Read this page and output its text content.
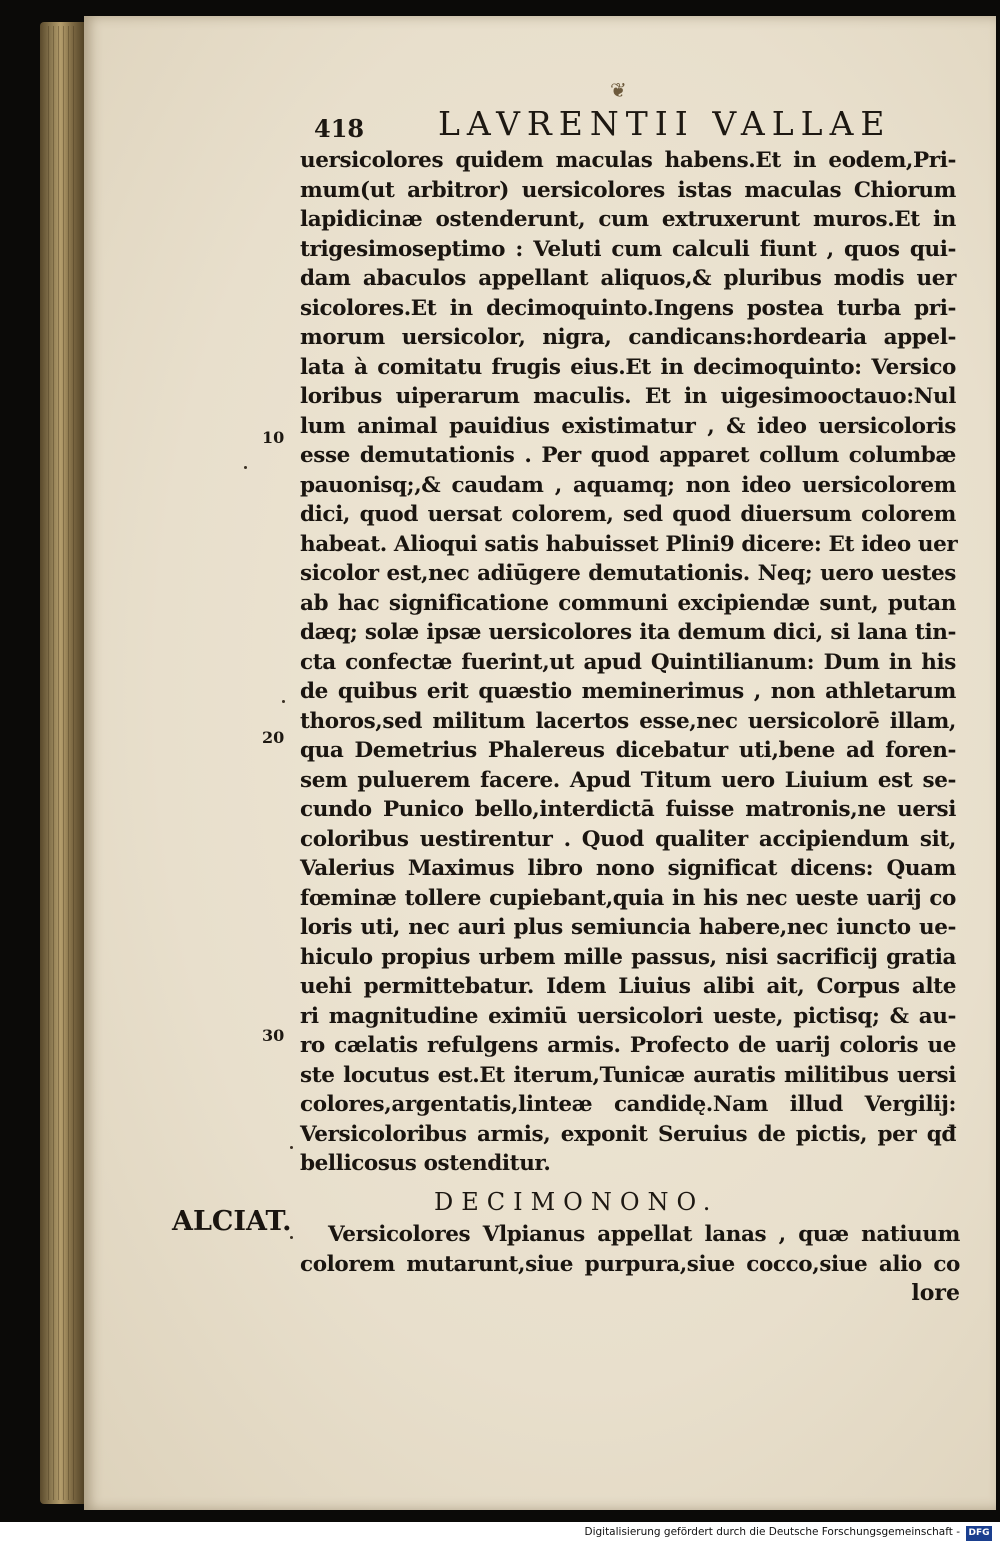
❦
418 LAVRENTII VALLAE
uersicolores quidem maculas habens.Et in eodem,Pri-
mum(ut arbitror) uersicolores istas maculas Chiorum
lapidicinæ ostenderunt, cum extruxerunt muros.Et in
trigesimoseptimo : Veluti cum calculi fiunt , quos qui-
dam abaculos appellant aliquos,& pluribus modis uer
sicolores.Et in decimoquinto.Ingens postea turba pri-
morum uersicolor, nigra, candicans:hordearia appel-
lata à comitatu frugis eius.Et in decimoquinto: Versico
loribus uiperarum maculis. Et in uigesimooctauo:Nul
lum animal pauidius existimatur , & ideo uersicoloris
esse demutationis . Per quod apparet collum columbæ
pauonisq;,& caudam , aquamq; non ideo uersicolorem
dici, quod uersat colorem, sed quod diuersum colorem
habeat. Alioqui satis habuisset Plini9 dicere: Et ideo uer
sicolor est,nec adiūgere demutationis. Neq; uero uestes
ab hac significatione communi excipiendæ sunt, putan
dæq; solæ ipsæ uersicolores ita demum dici, si lana tin-
cta confectæ fuerint,ut apud Quintilianum: Dum in his
de quibus erit quæstio meminerimus , non athletarum
thoros,sed militum lacertos esse,nec uersicolorē illam,
qua Demetrius Phalereus dicebatur uti,bene ad foren-
sem puluerem facere. Apud Titum uero Liuium est se-
cundo Punico bello,interdictā fuisse matronis,ne uersi
coloribus uestirentur . Quod qualiter accipiendum sit,
Valerius Maximus libro nono significat dicens: Quam
fœminæ tollere cupiebant,quia in his nec ueste uarij co
loris uti, nec auri plus semiuncia habere,nec iuncto ue-
hiculo propius urbem mille passus, nisi sacrificij gratia
uehi permittebatur. Idem Liuius alibi ait, Corpus alte
ri magnitudine eximiū uersicolori ueste, pictisq; & au-
ro cælatis refulgens armis. Profecto de uarij coloris ue
ste locutus est.Et iterum,Tunicæ auratis militibus uersi
colores,argentatis,linteæ candidę.Nam illud Vergilij:
Versicoloribus armis, exponit Seruius de pictis, per qđ
bellicosus ostenditur.
10
20
30
DECIMONONO.
ALCIAT.	Versicolores Vlpianus appellat lanas , quæ natiuum
colorem mutarunt,siue purpura,siue cocco,siue alio co
lore
Digitalisierung gefördert durch die Deutsche Forschungsgemeinschaft - DFG
